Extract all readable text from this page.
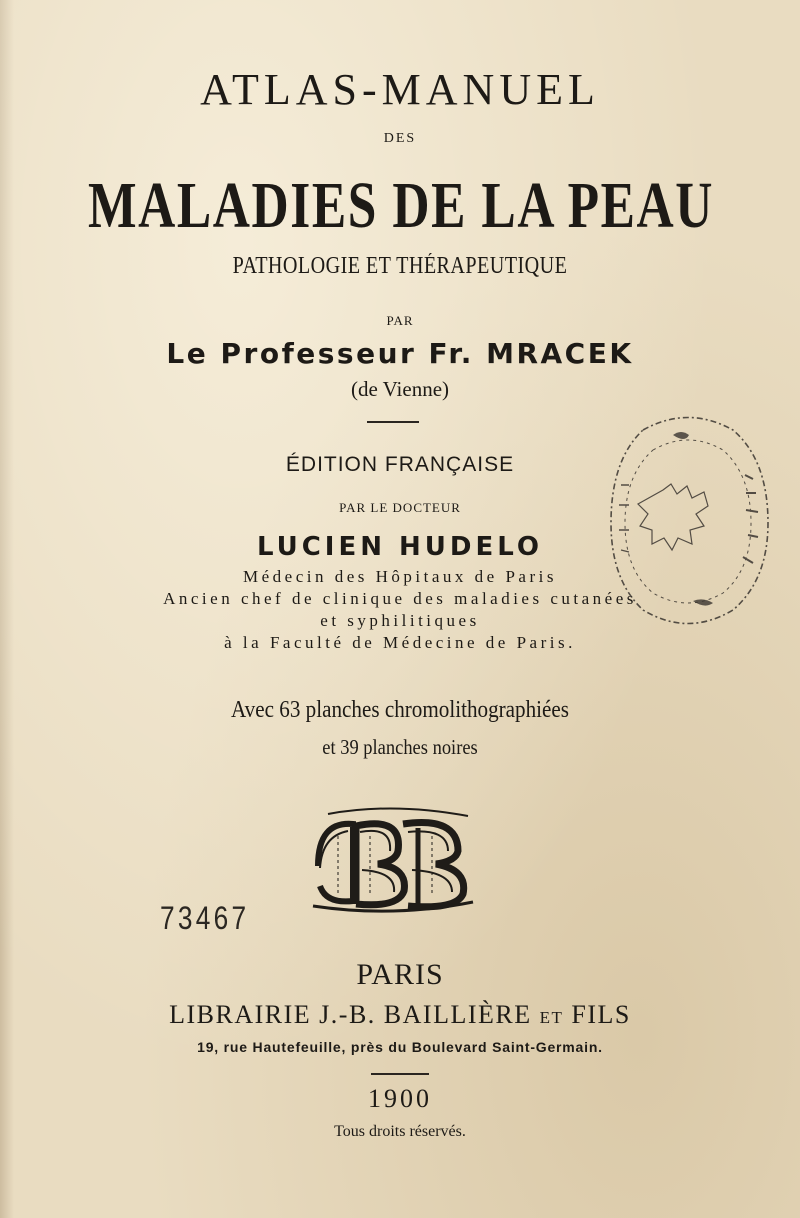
ATLAS-MANUEL
DES
MALADIES DE LA PEAU
PATHOLOGIE ET THÉRAPEUTIQUE
PAR
Le Professeur Fr. MRACEK
(de Vienne)
ÉDITION FRANÇAISE
PAR LE DOCTEUR
LUCIEN HUDELO
Médecin des Hôpitaux de Paris
Ancien chef de clinique des maladies cutanées
et syphilitiques
à la Faculté de Médecine de Paris.
Avec 63 planches chromolithographiées
et 39 planches noires
73467
PARIS
LIBRAIRIE J.-B. BAILLIÈRE ET FILS
19, rue Hautefeuille, près du Boulevard Saint-Germain.
1900
Tous droits réservés.
